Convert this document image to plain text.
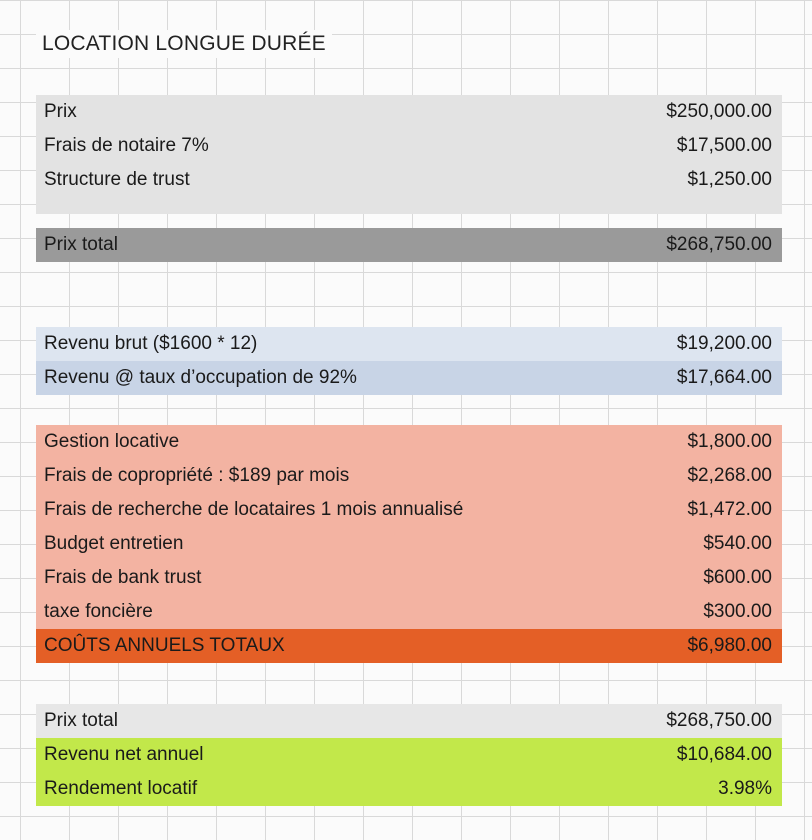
LOCATION LONGUE DURÉE
Prix	$250,000.00
Frais de notaire 7%	$17,500.00
Structure de trust	$1,250.00
Prix total	$268,750.00
Revenu brut ($1600 * 12)	$19,200.00
Revenu @ taux d’occupation de 92%	$17,664.00
Gestion locative	$1,800.00
Frais de copropriété : $189 par mois	$2,268.00
Frais de recherche de locataires 1 mois annualisé	$1,472.00
Budget entretien	$540.00
Frais de bank trust	$600.00
taxe foncière	$300.00
COÛTS ANNUELS TOTAUX	$6,980.00
Prix total	$268,750.00
Revenu net annuel	$10,684.00
Rendement locatif	3.98%
